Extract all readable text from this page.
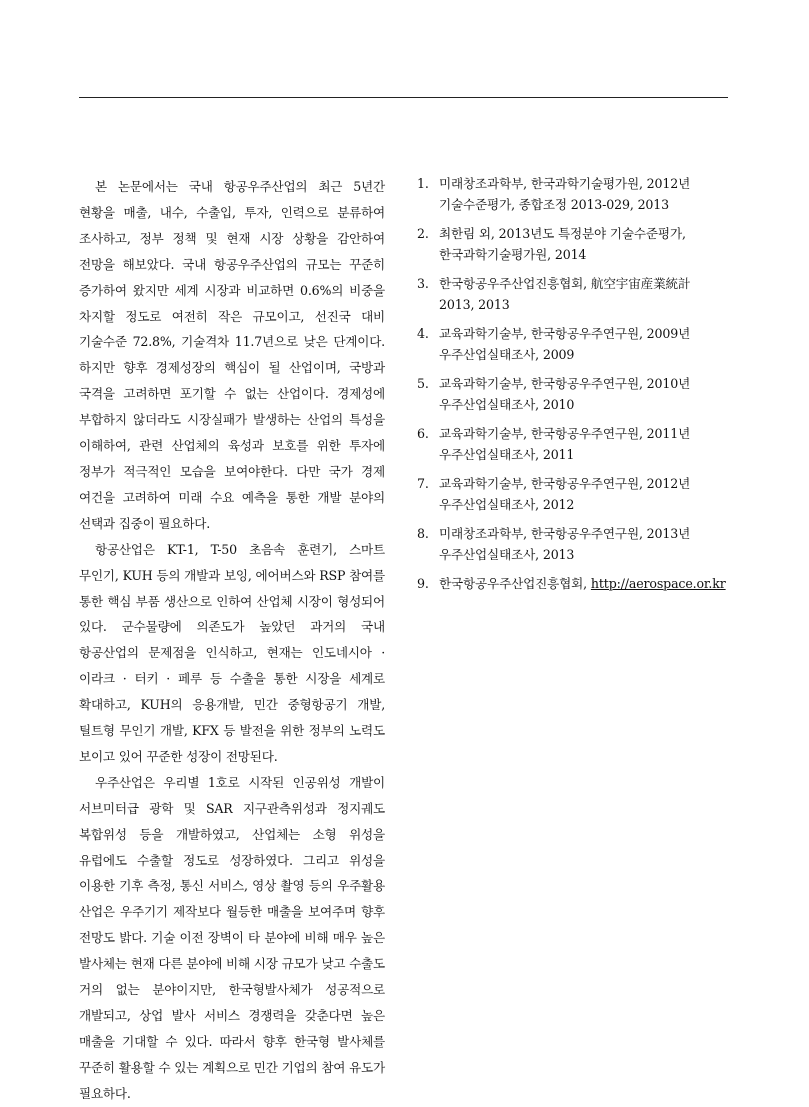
본 논문에서는 국내 항공우주산업의 최근 5년간 현황을 매출, 내수, 수출입, 투자, 인력으로 분류하여 조사하고, 정부 정책 및 현재 시장 상황을 감안하여 전망을 해보았다. 국내 항공우주산업의 규모는 꾸준히 증가하여 왔지만 세계 시장과 비교하면 0.6%의 비중을 차지할 정도로 여전히 작은 규모이고, 선진국 대비 기술수준 72.8%, 기술격차 11.7년으로 낮은 단계이다. 하지만 향후 경제성장의 핵심이 될 산업이며, 국방과 국격을 고려하면 포기할 수 없는 산업이다. 경제성에 부합하지 않더라도 시장실패가 발생하는 산업의 특성을 이해하여, 관련 산업체의 육성과 보호를 위한 투자에 정부가 적극적인 모습을 보여야한다. 다만 국가 경제 여건을 고려하여 미래 수요 예측을 통한 개발 분야의 선택과 집중이 필요하다.

항공산업은 KT-1, T-50 초음속 훈련기, 스마트 무인기, KUH 등의 개발과 보잉, 에어버스와 RSP 참여를 통한 핵심 부품 생산으로 인하여 산업체 시장이 형성되어 있다. 군수물량에 의존도가 높았던 과거의 국내 항공산업의 문제점을 인식하고, 현재는 인도네시아 · 이라크 · 터키 · 페루 등 수출을 통한 시장을 세계로 확대하고, KUH의 응용개발, 민간 중형항공기 개발, 틸트형 무인기 개발, KFX 등 발전을 위한 정부의 노력도 보이고 있어 꾸준한 성장이 전망된다.

우주산업은 우리별 1호로 시작된 인공위성 개발이 서브미터급 광학 및 SAR 지구관측위성과 정지궤도 복합위성 등을 개발하였고, 산업체는 소형 위성을 유럽에도 수출할 정도로 성장하였다. 그리고 위성을 이용한 기후 측정, 통신 서비스, 영상 촬영 등의 우주활용 산업은 우주기기 제작보다 월등한 매출을 보여주며 향후 전망도 밝다. 기술 이전 장벽이 타 분야에 비해 매우 높은 발사체는 현재 다른 분야에 비해 시장 규모가 낮고 수출도 거의 없는 분야이지만, 한국형발사체가 성공적으로 개발되고, 상업 발사 서비스 경쟁력을 갖춘다면 높은 매출을 기대할 수 있다. 따라서 향후 한국형 발사체를 꾸준히 활용할 수 있는 계획으로 민간 기업의 참여 유도가 필요하다.

1. 미래창조과학부, 한국과학기술평가원, 2012년
기술수준평가, 종합조정 2013-029, 2013
2. 최한림 외, 2013년도 특정분야 기술수준평가,
한국과학기술평가원, 2014
3. 한국항공우주산업진흥협회, 航空宇宙産業統計
2013, 2013
4. 교육과학기술부, 한국항공우주연구원, 2009년
우주산업실태조사, 2009
5. 교육과학기술부, 한국항공우주연구원, 2010년
우주산업실태조사, 2010
6. 교육과학기술부, 한국항공우주연구원, 2011년
우주산업실태조사, 2011
7. 교육과학기술부, 한국항공우주연구원, 2012년
우주산업실태조사, 2012
8. 미래창조과학부, 한국항공우주연구원, 2013년
우주산업실태조사, 2013
9. 한국항공우주산업진흥협회, http://aerospace.or.kr
